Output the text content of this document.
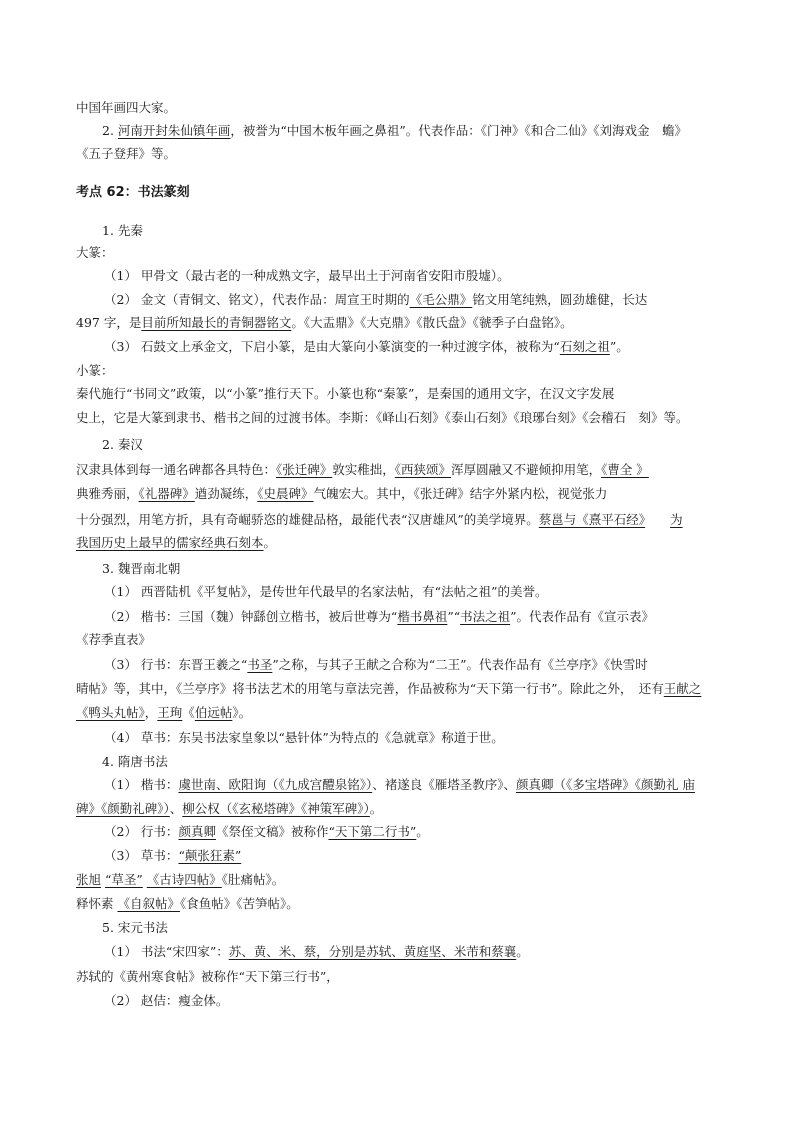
中国年画四大家。
2. 河南开封朱仙镇年画，被誉为“中国木板年画之鼻祖”。代表作品：《门神》《和合二仙》《刘海戏金　蟾》
《五子登拜》等。
考点 62：书法篆刻
1. 先秦
大篆：
（1） 甲骨文（最古老的一种成熟文字，最早出土于河南省安阳市殷墟）。
（2） 金文（青铜文、铭文），代表作品：周宣王时期的《毛公鼎》铭文用笔纯熟，圆劲雄健，长达
497 字，是目前所知最长的青铜器铭文。《大盂鼎》《大克鼎》《散氏盘》《虢季子白盘铭》。
（3） 石鼓文上承金文，下启小篆，是由大篆向小篆演变的一种过渡字体，被称为“石刻之祖”。
小篆：
秦代施行“书同文”政策，以“小篆”推行天下。小篆也称“秦篆”，是秦国的通用文字，在汉文字发展
史上，它是大篆到隶书、楷书之间的过渡书体。李斯：《峄山石刻》《泰山石刻》《琅琊台刻》《会稽石　刻》等。
2. 秦汉
汉隶具体到每一通名碑都各具特色：《张迁碑》敦实稚拙，《西狭颂》浑厚圆融又不避倾抑用笔，《曹全 》
典雅秀丽，《礼器碑》遒劲凝练，《史晨碑》气魄宏大。其中，《张迁碑》结字外紧内松，视觉张力
十分强烈，用笔方折，具有奇崛骄恣的雄健品格，最能代表“汉唐雄风”的美学境界。蔡邕与《熹平石经》　　 为
我国历史上最早的儒家经典石刻本。
3. 魏晋南北朝
（1） 西晋陆机《平复帖》，是传世年代最早的名家法帖，有“法帖之祖”的美誉。
（2） 楷书：三国（魏）钟繇创立楷书，被后世尊为“楷书鼻祖”“书法之祖”。代表作品有《宣示表》
《荐季直表》
（3） 行书：东晋王羲之“书圣”之称，与其子王献之合称为“二王”。代表作品有《兰亭序》《快雪时
晴帖》等，其中，《兰亭序》将书法艺术的用笔与章法完善，作品被称为“天下第一行书”。除此之外，　还有王献之
《鸭头丸帖》，王珣《伯远帖》。
（4） 草书：东吴书法家皇象以“悬针体”为特点的《急就章》称道于世。
4. 隋唐书法
（1） 楷书：虞世南、欧阳询（《九成宫醴泉铭》）、褚遂良《雁塔圣教序》、颜真卿（《多宝塔碑》《颜勤礼 庙
碑》《颜勤礼碑》）、柳公权（《玄秘塔碑》《神策军碑》）。
（2） 行书：颜真卿《祭侄文稿》被称作“天下第二行书”。
（3） 草书：“颠张狂素”
张旭 “草圣” 《古诗四帖》《肚痛帖》。
释怀素 《自叙帖》《食鱼帖》《苦笋帖》。
5. 宋元书法
（1） 书法“宋四家”：苏、黄、米、蔡，分别是苏轼、黄庭坚、米芾和蔡襄。
苏轼的《黄州寒食帖》被称作“天下第三行书”，
（2） 赵佶：瘦金体。
